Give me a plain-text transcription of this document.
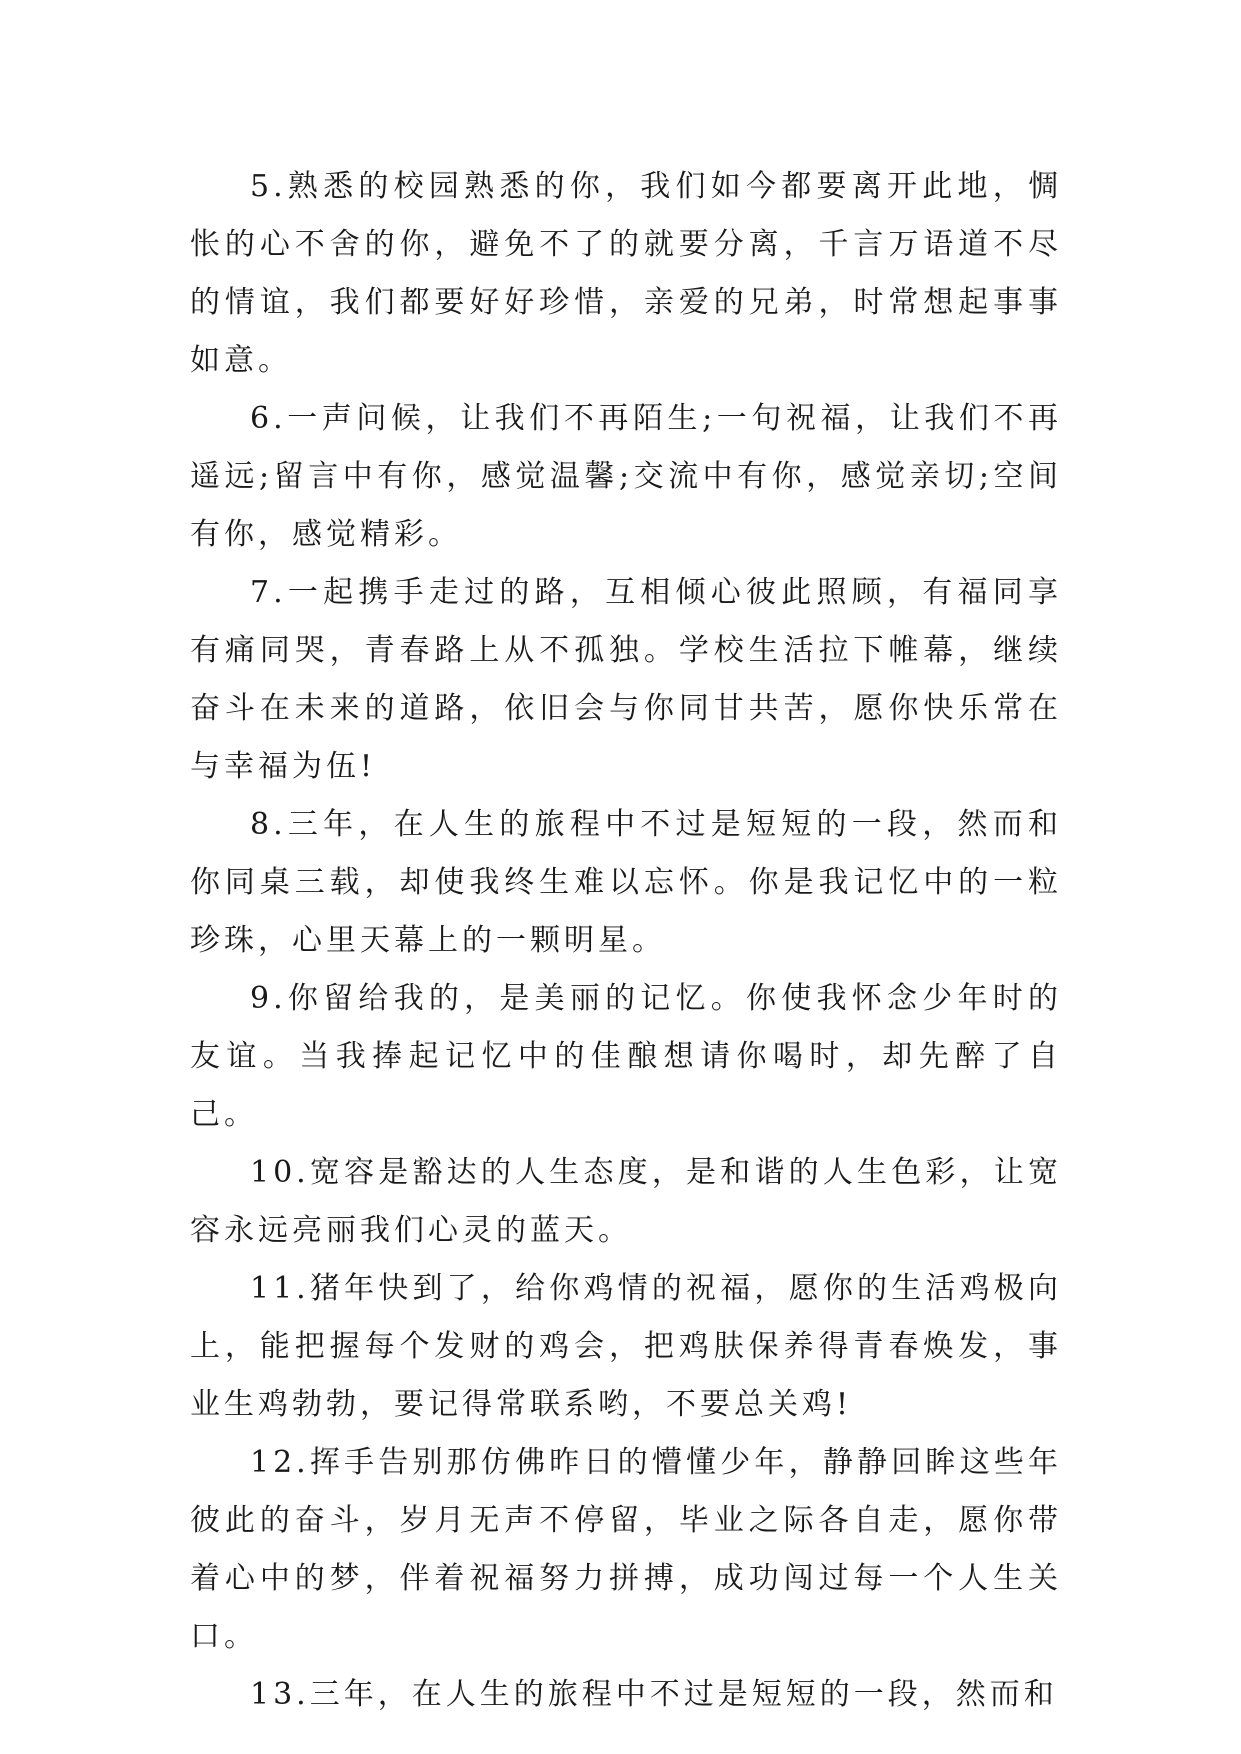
5.熟悉的校园熟悉的你，我们如今都要离开此地，惆怅的心不舍的你，避免不了的就要分离，千言万语道不尽的情谊，我们都要好好珍惜，亲爱的兄弟，时常想起事事如意。

6.一声问候，让我们不再陌生;一句祝福，让我们不再遥远;留言中有你，感觉温馨;交流中有你，感觉亲切;空间有你，感觉精彩。

7.一起携手走过的路，互相倾心彼此照顾，有福同享有痛同哭，青春路上从不孤独。学校生活拉下帷幕，继续奋斗在未来的道路，依旧会与你同甘共苦，愿你快乐常在与幸福为伍!

8.三年，在人生的旅程中不过是短短的一段，然而和你同桌三载，却使我终生难以忘怀。你是我记忆中的一粒珍珠，心里天幕上的一颗明星。

9.你留给我的，是美丽的记忆。你使我怀念少年时的友谊。当我捧起记忆中的佳酿想请你喝时，却先醉了自己。

10.宽容是豁达的人生态度，是和谐的人生色彩，让宽容永远亮丽我们心灵的蓝天。

11.猪年快到了，给你鸡情的祝福，愿你的生活鸡极向上，能把握每个发财的鸡会，把鸡肤保养得青春焕发，事业生鸡勃勃，要记得常联系哟，不要总关鸡!

12.挥手告别那仿佛昨日的懵懂少年，静静回眸这些年彼此的奋斗，岁月无声不停留，毕业之际各自走，愿你带着心中的梦，伴着祝福努力拼搏，成功闯过每一个人生关口。

13.三年，在人生的旅程中不过是短短的一段，然而和
